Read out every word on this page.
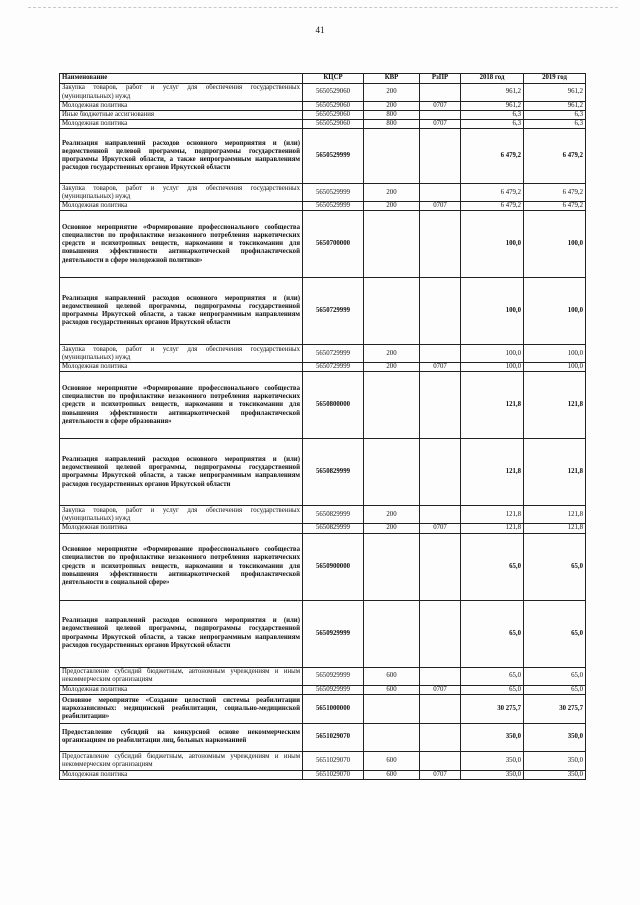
41
Наименование	КЦСР	КВР	РзПР	2018 год	2019 год
Закупка товаров, работ и услуг для обеспечения государственных (муниципальных) нужд	5650529060	200		961,2	961,2
Молодежная политика	5650529060	200	0707	961,2	961,2
Иные бюджетные ассигнования	5650529060	800		6,3	6,3
Молодежная политика	5650529060	800	0707	6,3	6,3
Реализация направлений расходов основного мероприятия и (или) ведомственной целевой программы, подпрограммы государственной программы Иркутской области, а также непрограммным направлениям расходов государственных органов Иркутской области	5650529999			6 479,2	6 479,2
Закупка товаров, работ и услуг для обеспечения государственных (муниципальных) нужд	5650529999	200		6 479,2	6 479,2
Молодежная политика	5650529999	200	0707	6 479,2	6 479,2
Основное мероприятие «Формирование профессионального сообщества специалистов по профилактике незаконного потребления наркотических средств и психотропных веществ, наркомании и токсикомании для повышения эффективности антинаркотической профилактической деятельности в сфере молодежной политики»	5650700000			100,0	100,0
Реализация направлений расходов основного мероприятия и (или) ведомственной целевой программы, подпрограммы государственной программы Иркутской области, а также непрограммным направлениям расходов государственных органов Иркутской области	5650729999			100,0	100,0
Закупка товаров, работ и услуг для обеспечения государственных (муниципальных) нужд	5650729999	200		100,0	100,0
Молодежная политика	5650729999	200	0707	100,0	100,0
Основное мероприятие «Формирование профессионального сообщества специалистов по профилактике незаконного потребления наркотических средств и психотропных веществ, наркомании и токсикомании для повышения эффективности антинаркотической профилактической деятельности в сфере образования»	5650800000			121,8	121,8
Реализация направлений расходов основного мероприятия и (или) ведомственной целевой программы, подпрограммы государственной программы Иркутской области, а также непрограммным направлениям расходов государственных органов Иркутской области	5650829999			121,8	121,8
Закупка товаров, работ и услуг для обеспечения государственных (муниципальных) нужд	5650829999	200		121,8	121,8
Молодежная политика	5650829999	200	0707	121,8	121,8
Основное мероприятие «Формирование профессионального сообщества специалистов по профилактике незаконного потребления наркотических средств и психотропных веществ, наркомании и токсикомании для повышения эффективности антинаркотической профилактической деятельности в социальной сфере»	5650900000			65,0	65,0
Реализация направлений расходов основного мероприятия и (или) ведомственной целевой программы, подпрограммы государственной программы Иркутской области, а также непрограммным направлениям расходов государственных органов Иркутской области	5650929999			65,0	65,0
Предоставление субсидий бюджетным, автономным учреждениям и иным некоммерческим организациям	5650929999	600		65,0	65,0
Молодежная политика	5650929999	600	0707	65,0	65,0
Основное мероприятие «Создание целостной системы реабилитации наркозависимых: медицинской реабилитации, социально-медицинской реабилитации»	5651000000			30 275,7	30 275,7
Предоставление субсидий на конкурсной основе некоммерческим организациям по реабилитации лиц, больных наркоманией	5651029070			350,0	350,0
Предоставление субсидий бюджетным, автономным учреждениям и иным некоммерческим организациям	5651029070	600		350,0	350,0
Молодежная политика	5651029070	600	0707	350,0	350,0
